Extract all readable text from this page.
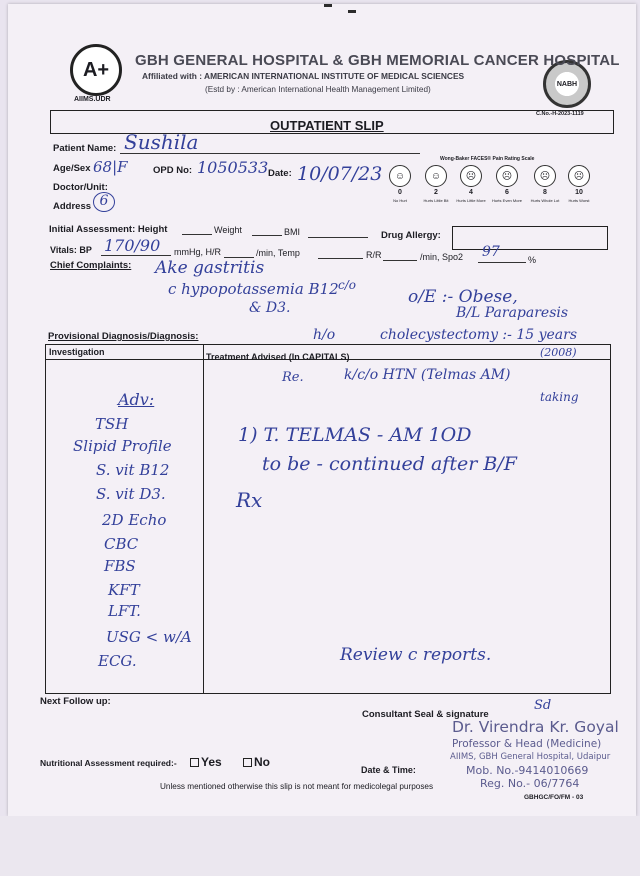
A+
AIIMS.UDR
NABH
GBH GENERAL HOSPITAL & GBH MEMORIAL CANCER HOSPITAL
Affiliated with : AMERICAN INTERNATIONAL INSTITUTE OF MEDICAL SCIENCES
(Estd by : American International Health Management Limited)
C.No.-H-2023-1119
OUTPATIENT SLIP
Patient Name: Sushila
Age/Sex 68|F	OPD No: 1050533 Date: 10/07/23
Doctor/Unit:
Address 6
Wong-Baker FACES® Pain Rating Scale
☺
0
No Hurt
☺
2
Hurts Little Bit
☹
4
Hurts Little More
☹
6
Hurts Even More
☹
8
Hurts Whole Lot
☹
10
Hurts Worst
Initial Assessment: Height	Weight	BMI	Drug Allergy:
Vitals: BP 170/90 mmHg, H/R	/min, Temp	R/R	/min, Spo2 97	%
Chief Complaints: Ake gastritis
c hypopotassemia B12
& D3.
c/o
o/E :- Obese,
B/L Paraparesis
h/o	cholecystectomy :- 15 years
(2008)
Provisional Diagnosis/Diagnosis:
Investigation	Treatment Advised (In CAPITALS)
Re.	k/c/o HTN (Telmas AM)
taking
1) T. TELMAS - AM 1OD
to be - continued after B/F
Rx
Review c reports.
Adv:
TSH
Slipid Profile
S. vit B12
S. vit D3.
2D Echo
CBC
FBS
KFT
LFT.
USG < w/A
ECG.
Next Follow up:
Consultant Seal & signature
Sd
Dr. Virendra Kr. Goyal
Professor & Head (Medicine)
AIIMS, GBH General Hospital, Udaipur
Mob. No.-9414010669
Reg. No.- 06/7764
Nutritional Assessment required:-	Yes	No
Date & Time:
Unless mentioned otherwise this slip is not meant for medicolegal purposes
GBHGC/FO/FM - 03
